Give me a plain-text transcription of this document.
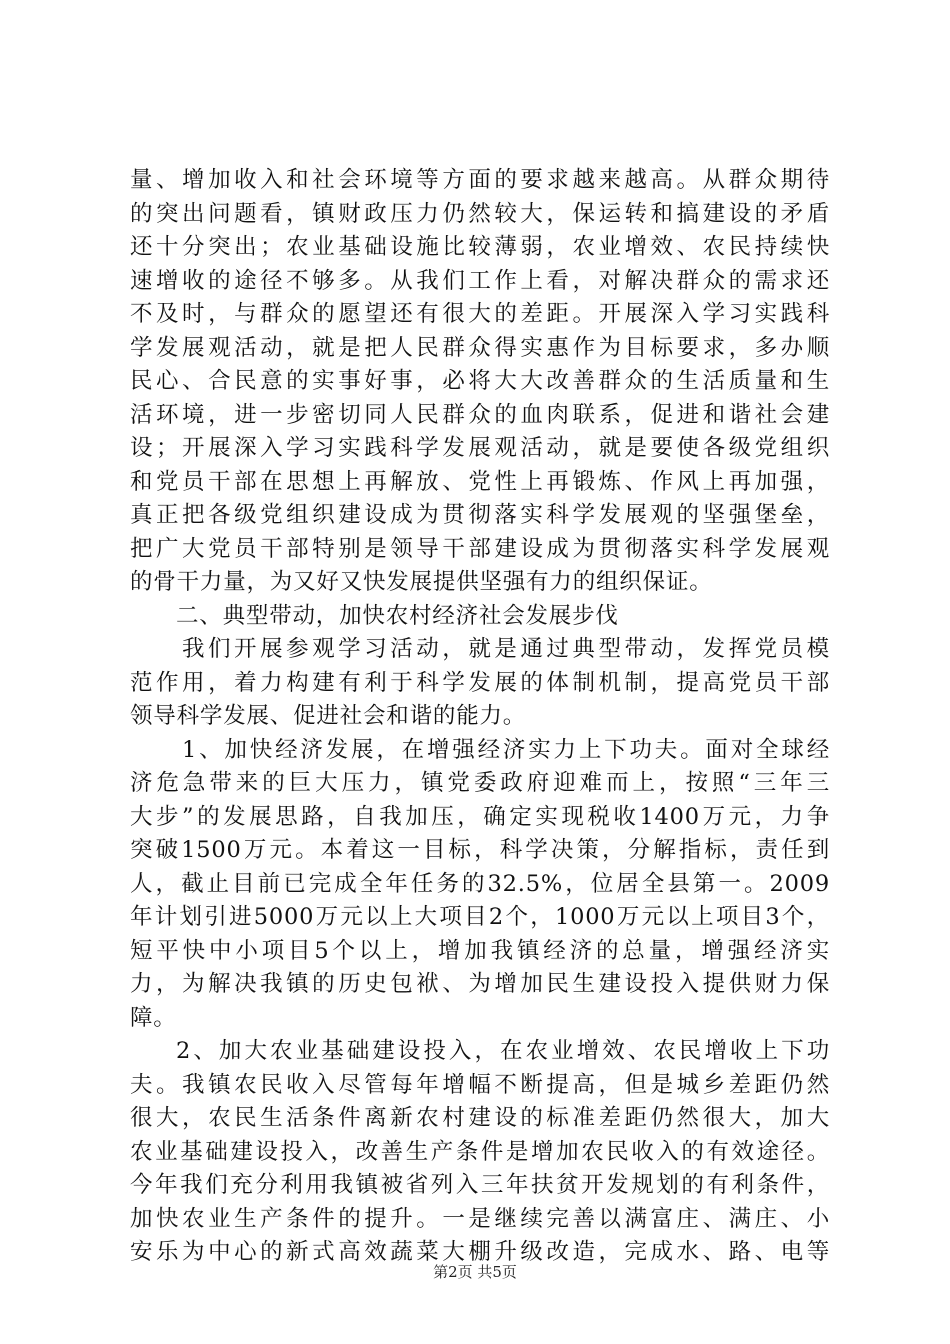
量、增加收入和社会环境等方面的要求越来越高。从群众期待
的突出问题看，镇财政压力仍然较大，保运转和搞建设的矛盾
还十分突出；农业基础设施比较薄弱，农业增效、农民持续快
速增收的途径不够多。从我们工作上看，对解决群众的需求还
不及时，与群众的愿望还有很大的差距。开展深入学习实践科
学发展观活动，就是把人民群众得实惠作为目标要求，多办顺
民心、合民意的实事好事，必将大大改善群众的生活质量和生
活环境，进一步密切同人民群众的血肉联系，促进和谐社会建
设；开展深入学习实践科学发展观活动，就是要使各级党组织
和党员干部在思想上再解放、党性上再锻炼、作风上再加强，
真正把各级党组织建设成为贯彻落实科学发展观的坚强堡垒，
把广大党员干部特别是领导干部建设成为贯彻落实科学发展观
的骨干力量，为又好又快发展提供坚强有力的组织保证。
二、典型带动，加快农村经济社会发展步伐
我们开展参观学习活动，就是通过典型带动，发挥党员模
范作用，着力构建有利于科学发展的体制机制，提高党员干部
领导科学发展、促进社会和谐的能力。
1、加快经济发展，在增强经济实力上下功夫。面对全球经
济危急带来的巨大压力，镇党委政府迎难而上，按照“三年三
大步”的发展思路，自我加压，确定实现税收1400万元，力争
突破1500万元。本着这一目标，科学决策，分解指标，责任到
人，截止目前已完成全年任务的32.5%，位居全县第一。2009
年计划引进5000万元以上大项目2个，1000万元以上项目3个，
短平快中小项目5个以上，增加我镇经济的总量，增强经济实
力，为解决我镇的历史包袱、为增加民生建设投入提供财力保
障。
2、加大农业基础建设投入，在农业增效、农民增收上下功
夫。我镇农民收入尽管每年增幅不断提高，但是城乡差距仍然
很大，农民生活条件离新农村建设的标准差距仍然很大，加大
农业基础建设投入，改善生产条件是增加农民收入的有效途径。
今年我们充分利用我镇被省列入三年扶贫开发规划的有利条件，
加快农业生产条件的提升。一是继续完善以满富庄、满庄、小
安乐为中心的新式高效蔬菜大棚升级改造，完成水、路、电等
第2页 共5页
